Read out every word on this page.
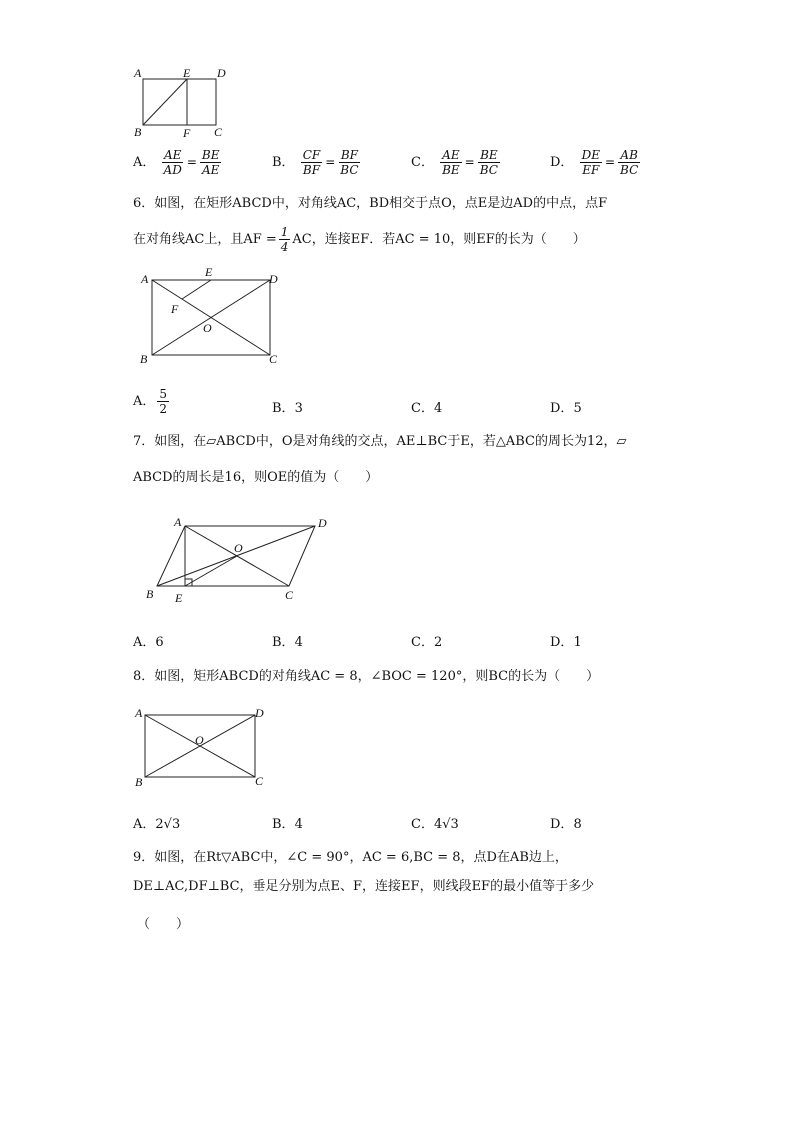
A	E D
B	F C
A． $\frac{AE}{AD} = \frac{BE}{AE}$	B． $\frac{CF}{BF} = \frac{BF}{BC}$	C． $\frac{AE}{BE} = \frac{BE}{BC}$	D． $\frac{DE}{EF} = \frac{AB}{BC}$
6．如图，在矩形ABCD中，对角线AC，BD相交于点O，点E是边AD的中点，点F
在对角线AC上，且AF = $\frac{1}{4}$ AC，连接EF．若AC = 10，则EF的长为（　　）
A	E	D
F
O
B	C
A． $\frac{5}{2}$	B．3	C．4	D．5
7．如图，在▱ABCD中，O是对角线的交点，AE⊥BC于E，若△ABC的周长为12，▱
ABCD的周长是16，则OE的值为（　　）
A	D
O
B E	C
A．6	B．4	C．2	D．1
8．如图，矩形ABCD的对角线AC = 8，∠BOC = 120°，则BC的长为（　　）
A	D
O
B	C
A．2√3	B．4	C．4√3	D．8
9．如图，在Rt▽ABC中，∠C = 90°，AC = 6,BC = 8，点D在AB边上，
DE⊥AC,DF⊥BC，垂足分别为点E、F，连接EF，则线段EF的最小值等于多少
（　　）
